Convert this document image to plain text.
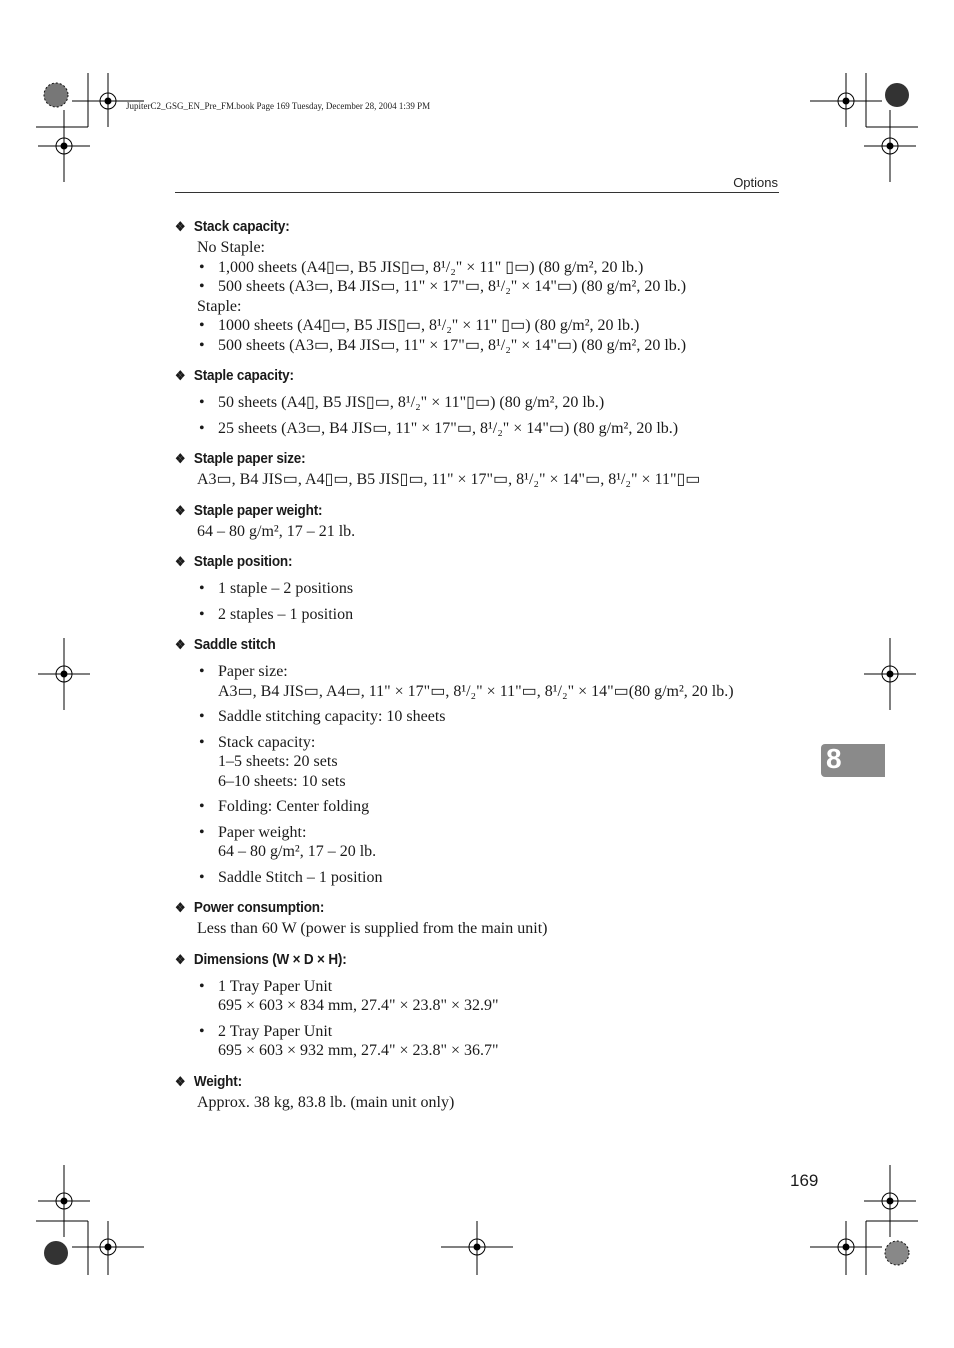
JupiterC2_GSG_EN_Pre_FM.book Page 169 Tuesday, December 28, 2004 1:39 PM
Options
❖ Stack capacity:
No Staple:
• 1,000 sheets (A4▯▭, B5 JIS▯▭, 8¹/₂" × 11" ▯▭) (80 g/m², 20 lb.)
• 500 sheets (A3▭, B4 JIS▭, 11" × 17"▭, 8¹/₂" × 14"▭) (80 g/m², 20 lb.)
Staple:
• 1000 sheets (A4▯▭, B5 JIS▯▭, 8¹/₂" × 11" ▯▭) (80 g/m², 20 lb.)
• 500 sheets (A3▭, B4 JIS▭, 11" × 17"▭, 8¹/₂" × 14"▭) (80 g/m², 20 lb.)
❖ Staple capacity:
• 50 sheets (A4▯, B5 JIS▯▭, 8¹/₂" × 11"▯▭) (80 g/m², 20 lb.)
• 25 sheets (A3▭, B4 JIS▭, 11" × 17"▭, 8¹/₂" × 14"▭) (80 g/m², 20 lb.)
❖ Staple paper size:
A3▭, B4 JIS▭, A4▯▭, B5 JIS▯▭, 11" × 17"▭, 8¹/₂" × 14"▭, 8¹/₂" × 11"▯▭
❖ Staple paper weight:
64 – 80 g/m², 17 – 21 lb.
❖ Staple position:
• 1 staple – 2 positions
• 2 staples – 1 position
❖ Saddle stitch
• Paper size:
A3▭, B4 JIS▭, A4▭, 11" × 17"▭, 8¹/₂" × 11"▭, 8¹/₂" × 14"▭(80 g/m², 20 lb.)
• Saddle stitching capacity: 10 sheets
• Stack capacity:
1–5 sheets: 20 sets
6–10 sheets: 10 sets
• Folding: Center folding
• Paper weight:
64 – 80 g/m², 17 – 20 lb.
• Saddle Stitch – 1 position
❖ Power consumption:
Less than 60 W (power is supplied from the main unit)
❖ Dimensions (W × D × H):
• 1 Tray Paper Unit
695 × 603 × 834 mm, 27.4" × 23.8" × 32.9"
• 2 Tray Paper Unit
695 × 603 × 932 mm, 27.4" × 23.8" × 36.7"
❖ Weight:
Approx. 38 kg, 83.8 lb. (main unit only)
8
169
